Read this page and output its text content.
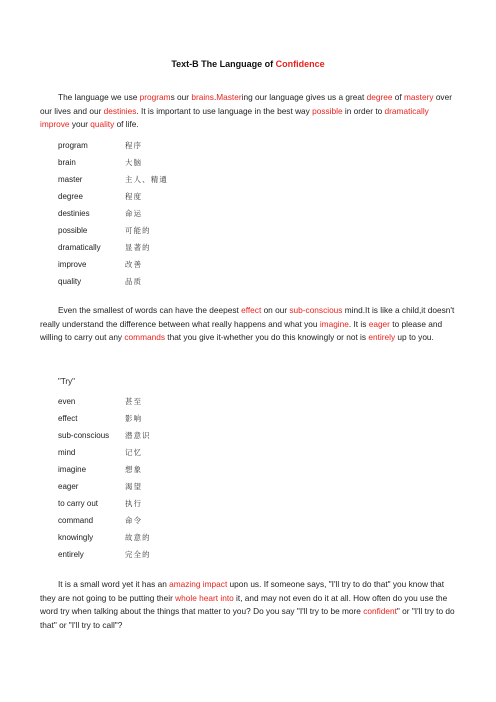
Text-B The Language of Confidence

The language we use programs our brains.Mastering our language gives us a great degree of mastery over our lives and our destinies. It is important to use language in the best way possible in order to dramatically improve your quality of life.

program	程序
brain	大脑
master	主人、精通
degree	程度
destinies	命运
possible	可能的
dramatically	显著的
improve	改善
quality	品质

Even the smallest of words can have the deepest effect on our sub-conscious mind.It is like a child,it doesn't really understand the difference between what really happens and what you imagine. It is eager to please and willing to carry out any commands that you give it-whether you do this knowingly or not is entirely up to you.

"Try"
even	甚至
effect	影响
sub-conscious 潜意识
mind	记忆
imagine	想象
eager	渴望
to carry out	执行
command	命令
knowingly	故意的
entirely	完全的

It is a small word yet it has an amazing impact upon us. If someone says, "I'll try to do that" you know that they are not going to be putting their whole heart into it, and may not even do it at all. How often do you use the word try when talking about the things that matter to you? Do you say "I'll try to be more confident" or "I'll try to do that" or "I'll try to call"?
